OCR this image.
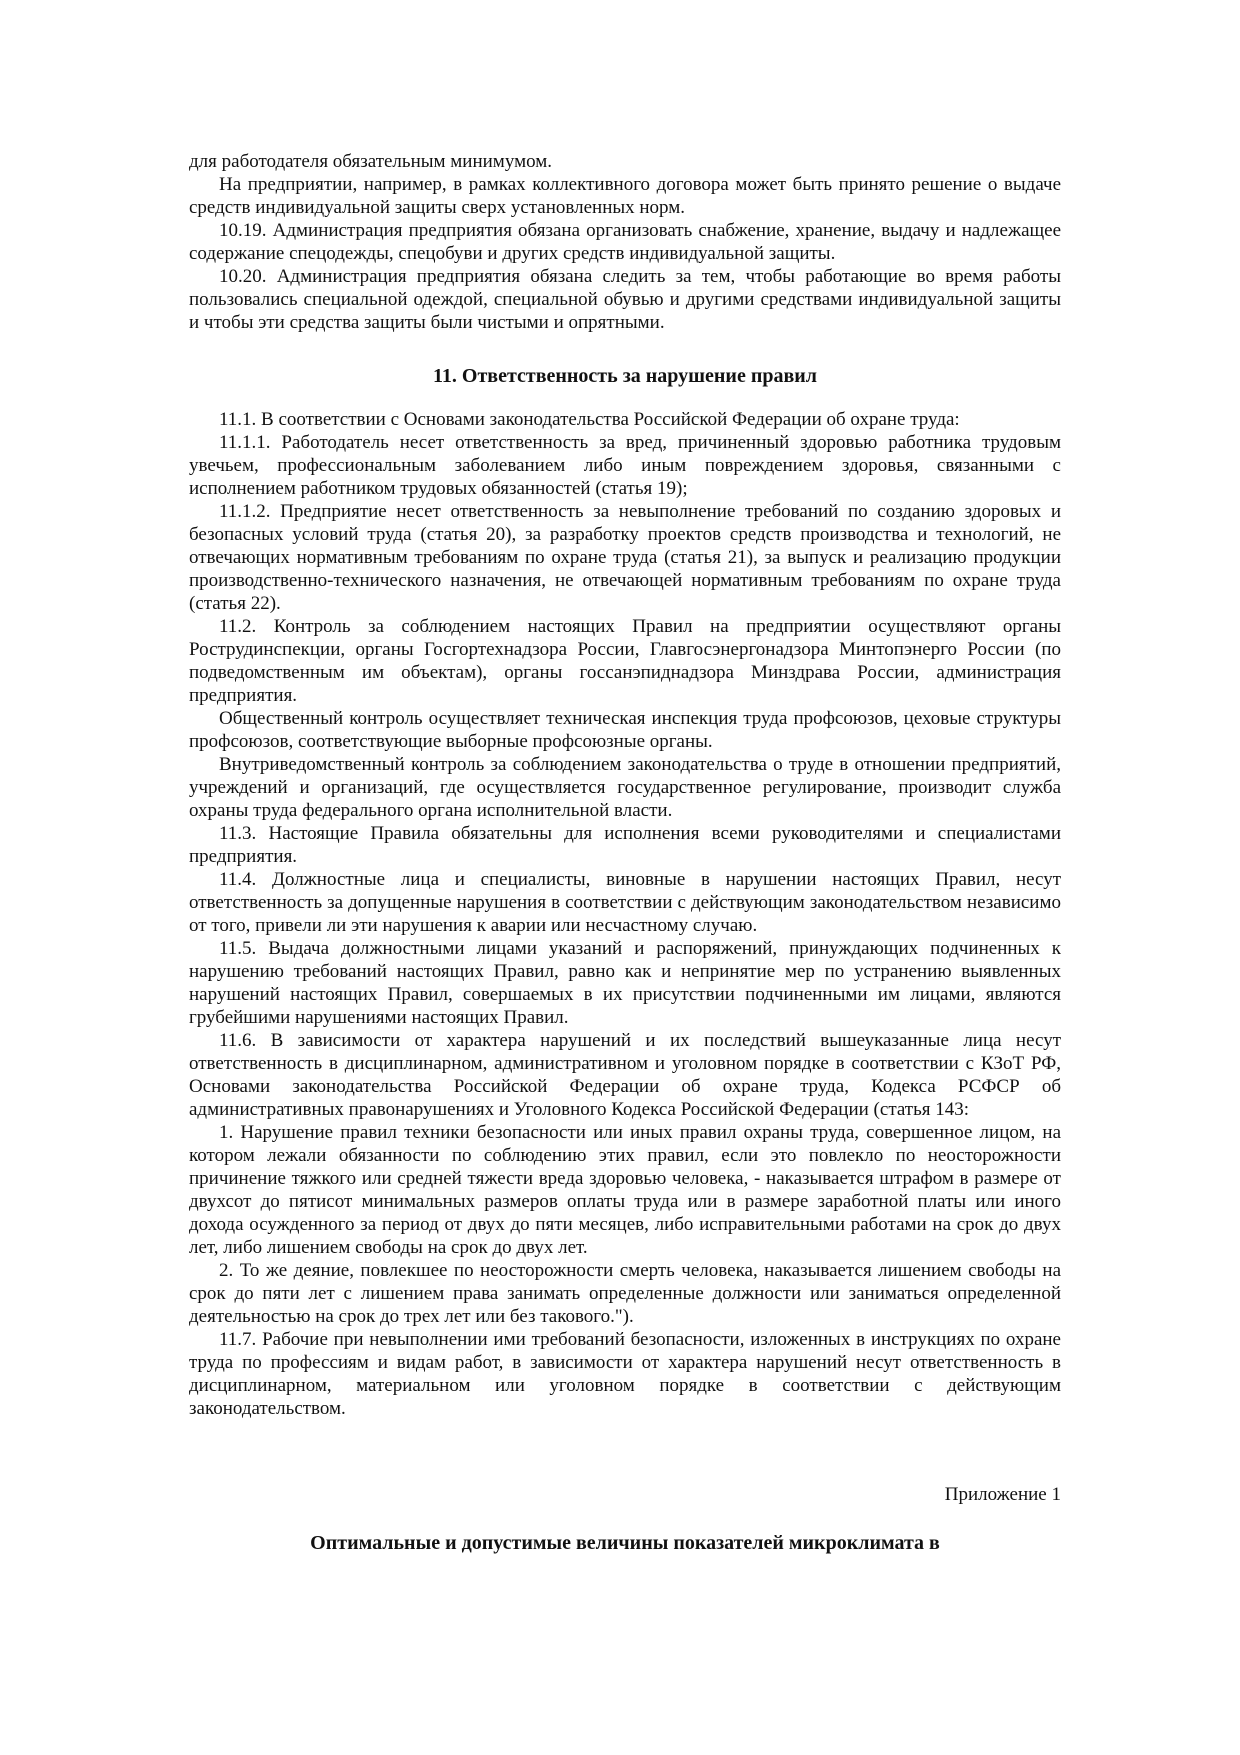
для работодателя обязательным минимумом.

На предприятии, например, в рамках коллективного договора может быть принято решение о выдаче средств индивидуальной защиты сверх установленных норм.

10.19. Администрация предприятия обязана организовать снабжение, хранение, выдачу и надлежащее содержание спецодежды, спецобуви и других средств индивидуальной защиты.

10.20. Администрация предприятия обязана следить за тем, чтобы работающие во время работы пользовались специальной одеждой, специальной обувью и другими средствами индивидуальной защиты и чтобы эти средства защиты были чистыми и опрятными.

11. Ответственность за нарушение правил

11.1. В соответствии с Основами законодательства Российской Федерации об охране труда:

11.1.1. Работодатель несет ответственность за вред, причиненный здоровью работника трудовым увечьем, профессиональным заболеванием либо иным повреждением здоровья, связанными с исполнением работником трудовых обязанностей (статья 19);

11.1.2. Предприятие несет ответственность за невыполнение требований по созданию здоровых и безопасных условий труда (статья 20), за разработку проектов средств производства и технологий, не отвечающих нормативным требованиям по охране труда (статья 21), за выпуск и реализацию продукции производственно-технического назначения, не отвечающей нормативным требованиям по охране труда (статья 22).

11.2. Контроль за соблюдением настоящих Правил на предприятии осуществляют органы Рострудинспекции, органы Госгортехнадзора России, Главгосэнергонадзора Минтопэнерго России (по подведомственным им объектам), органы госсанэпиднадзора Минздрава России, администрация предприятия.

Общественный контроль осуществляет техническая инспекция труда профсоюзов, цеховые структуры профсоюзов, соответствующие выборные профсоюзные органы.

Внутриведомственный контроль за соблюдением законодательства о труде в отношении предприятий, учреждений и организаций, где осуществляется государственное регулирование, производит служба охраны труда федерального органа исполнительной власти.

11.3. Настоящие Правила обязательны для исполнения всеми руководителями и специалистами предприятия.

11.4. Должностные лица и специалисты, виновные в нарушении настоящих Правил, несут ответственность за допущенные нарушения в соответствии с действующим законодательством независимо от того, привели ли эти нарушения к аварии или несчастному случаю.

11.5. Выдача должностными лицами указаний и распоряжений, принуждающих подчиненных к нарушению требований настоящих Правил, равно как и непринятие мер по устранению выявленных нарушений настоящих Правил, совершаемых в их присутствии подчиненными им лицами, являются грубейшими нарушениями настоящих Правил.

11.6. В зависимости от характера нарушений и их последствий вышеуказанные лица несут ответственность в дисциплинарном, административном и уголовном порядке в соответствии с КЗоТ РФ, Основами законодательства Российской Федерации об охране труда, Кодекса РСФСР об административных правонарушениях и Уголовного Кодекса Российской Федерации (статья 143:

1. Нарушение правил техники безопасности или иных правил охраны труда, совершенное лицом, на котором лежали обязанности по соблюдению этих правил, если это повлекло по неосторожности причинение тяжкого или средней тяжести вреда здоровью человека, - наказывается штрафом в размере от двухсот до пятисот минимальных размеров оплаты труда или в размере заработной платы или иного дохода осужденного за период от двух до пяти месяцев, либо исправительными работами на срок до двух лет, либо лишением свободы на срок до двух лет.

2. То же деяние, повлекшее по неосторожности смерть человека, наказывается лишением свободы на срок до пяти лет с лишением права занимать определенные должности или заниматься определенной деятельностью на срок до трех лет или без такового.").

11.7. Рабочие при невыполнении ими требований безопасности, изложенных в инструкциях по охране труда по профессиям и видам работ, в зависимости от характера нарушений несут ответственность в дисциплинарном, материальном или уголовном порядке в соответствии с действующим законодательством.

Приложение 1
Оптимальные и допустимые величины показателей микроклимата в
